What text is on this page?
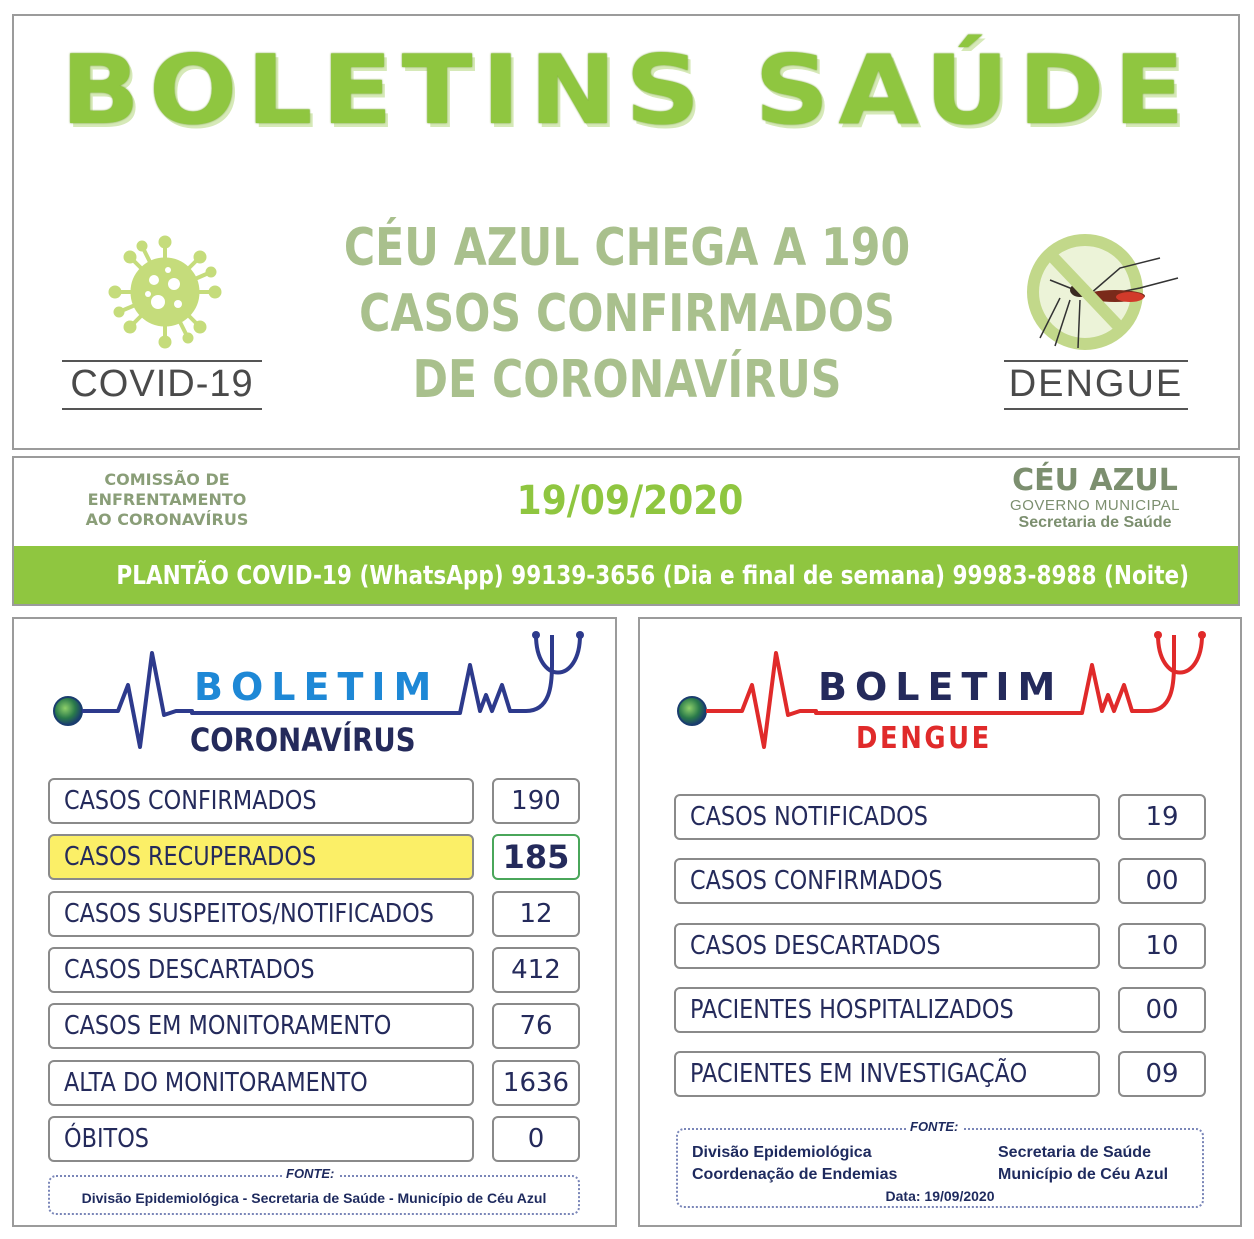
BOLETINS SAÚDE
CÉU AZUL CHEGA A 190
CASOS CONFIRMADOS
DE CORONAVÍRUS
COVID-19	DENGUE
COMISSÃO DE
ENFRENTAMENTO
AO CORONAVÍRUS	19/09/2020	CÉU AZUL
GOVERNO MUNICIPAL
Secretaria de Saúde
PLANTÃO COVID-19 (WhatsApp) 99139-3656 (Dia e final de semana) 99983-8988 (Noite)
BOLETIM
CORONAVÍRUS
CASOS CONFIRMADOS	190
CASOS RECUPERADOS	185
CASOS SUSPEITOS/NOTIFICADOS	12
CASOS DESCARTADOS	412
CASOS EM MONITORAMENTO	76
ALTA DO MONITORAMENTO	1636
ÓBITOS	0
Divisão Epidemiológica - Secretaria de Saúde - Município de Céu Azul
FONTE:
BOLETIM
DENGUE
CASOS NOTIFICADOS	19
CASOS CONFIRMADOS	00
CASOS DESCARTADOS	10
PACIENTES HOSPITALIZADOS	00
PACIENTES EM INVESTIGAÇÃO	09
Divisão Epidemiológica
Coordenação de Endemias
Secretaria de Saúde
Município de Céu Azul
Data: 19/09/2020
FONTE:
